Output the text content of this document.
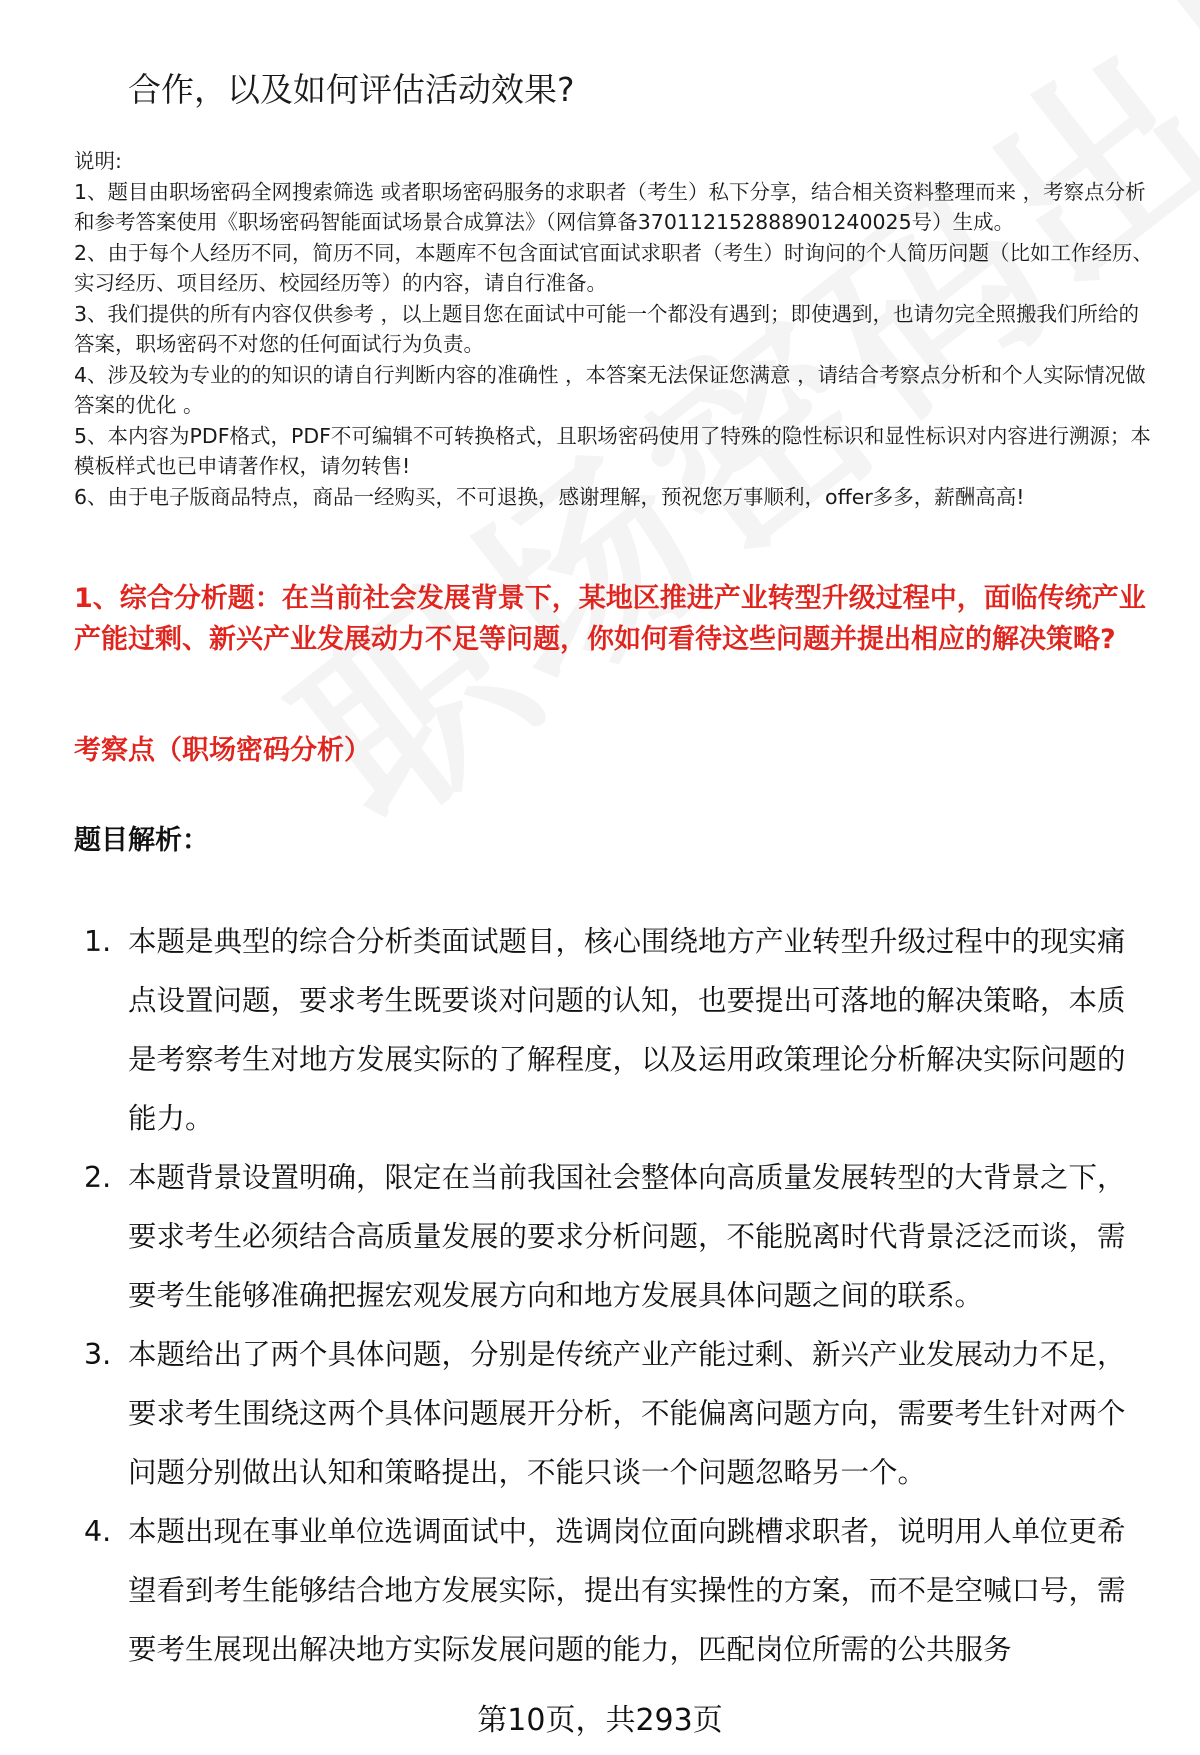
合作，以及如何评估活动效果?
说明:
1、题目由职场密码全网搜索筛选 或者职场密码服务的求职者（考生）私下分享，结合相关资料整理而来 ，考察点分析和参考答案使用《职场密码智能面试场景合成算法》（网信算备370112152888901240025号）生成。
2、由于每个人经历不同，简历不同，本题库不包含面试官面试求职者（考生）时询问的个人简历问题（比如工作经历、实习经历、项目经历、校园经历等）的内容，请自行准备。
3、我们提供的所有内容仅供参考 ，以上题目您在面试中可能一个都没有遇到；即使遇到，也请勿完全照搬我们所给的答案，职场密码不对您的任何面试行为负责。
4、涉及较为专业的的知识的请自行判断内容的准确性 ，本答案无法保证您满意 ，请结合考察点分析和个人实际情况做答案的优化 。
5、本内容为PDF格式，PDF不可编辑不可转换格式，且职场密码使用了特殊的隐性标识和显性标识对内容进行溯源；本模板样式也已申请著作权，请勿转售!
6、由于电子版商品特点，商品一经购买，不可退换，感谢理解，预祝您万事顺利，offer多多，薪酬高高!
1、综合分析题：在当前社会发展背景下，某地区推进产业转型升级过程中，面临传统产业产能过剩、新兴产业发展动力不足等问题，你如何看待这些问题并提出相应的解决策略?
考察点（职场密码分析）
题目解析：
1. 本题是典型的综合分析类面试题目，核心围绕地方产业转型升级过程中的现实痛点设置问题，要求考生既要谈对问题的认知，也要提出可落地的解决策略，本质是考察考生对地方发展实际的了解程度，以及运用政策理论分析解决实际问题的能力。
2. 本题背景设置明确，限定在当前我国社会整体向高质量发展转型的大背景之下，要求考生必须结合高质量发展的要求分析问题，不能脱离时代背景泛泛而谈，需要考生能够准确把握宏观发展方向和地方发展具体问题之间的联系。
3. 本题给出了两个具体问题，分别是传统产业产能过剩、新兴产业发展动力不足，要求考生围绕这两个具体问题展开分析，不能偏离问题方向，需要考生针对两个问题分别做出认知和策略提出，不能只谈一个问题忽略另一个。
4. 本题出现在事业单位选调面试中，选调岗位面向跳槽求职者，说明用人单位更希望看到考生能够结合地方发展实际，提出有实操性的方案，而不是空喊口号，需要考生展现出解决地方实际发展问题的能力，匹配岗位所需的公共服务
第10页，共293页
